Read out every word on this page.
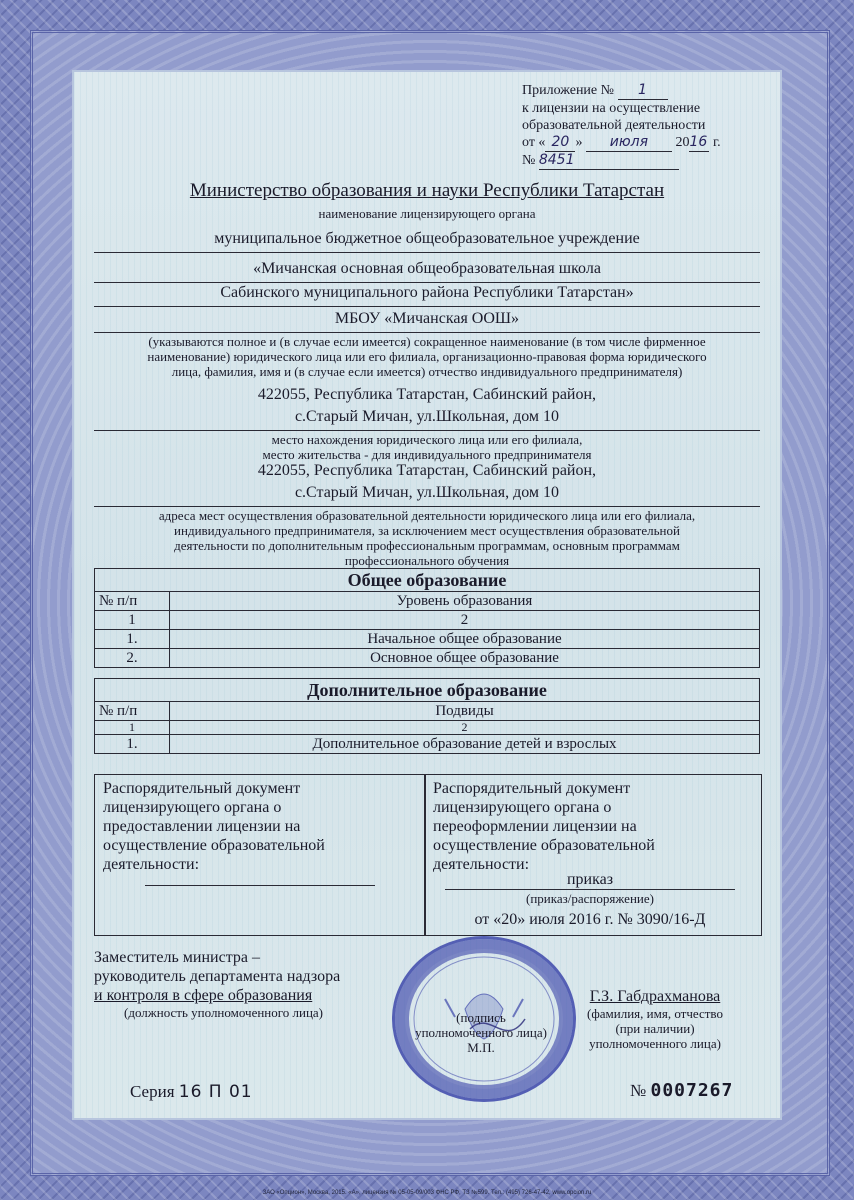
Приложение № 1
к лицензии на осуществление
образовательной деятельности
от « 20 » июля 2016 г.
№ 8451
Министерство образования и науки Республики Татарстан
наименование лицензирующего органа
муниципальное бюджетное общеобразовательное учреждение
«Мичанская основная общеобразовательная школа
Сабинского муниципального района Республики Татарстан»
МБОУ «Мичанская ООШ»
(указываются полное и (в случае если имеется) сокращенное наименование (в том числе фирменное
наименование) юридического лица или его филиала, организационно-правовая форма юридического
лица, фамилия, имя и (в случае если имеется) отчество индивидуального предпринимателя)
422055, Республика Татарстан, Сабинский район,
с.Старый Мичан, ул.Школьная, дом 10
место нахождения юридического лица или его филиала,
место жительства - для индивидуального предпринимателя
422055, Республика Татарстан, Сабинский район,
с.Старый Мичан, ул.Школьная, дом 10
адреса мест осуществления образовательной деятельности юридического лица или его филиала,
индивидуального предпринимателя, за исключением мест осуществления образовательной
деятельности по дополнительным профессиональным программам, основным программам
профессионального обучения
Общее образование	
№ п/п	Уровень образования
1	2
1.	Начальное общее образование
2.	Основное общее образование
Дополнительное образование	
№ п/п	Подвиды
1	2
1.	Дополнительное образование детей и взрослых
Распорядительный документ
лицензирующего органа о
предоставлении лицензии на
осуществление образовательной
деятельности:
Распорядительный документ
лицензирующего органа о
переоформлении лицензии на
осуществление образовательной
деятельности:
приказ
(приказ/распоряжение)
от «20» июля 2016 г. № 3090/16-Д
Заместитель министра –
руководитель департамента надзора
и контроля в сфере образования
(должность уполномоченного лица)	(подпись
уполномоченного лица)
М.П.
Г.З. Габдрахманова
(фамилия, имя, отчество
(при наличии)
уполномоченного лица)
Серия 16 П 01	№ 0007267
ЗАО «Опцион», Москва, 2015. «А», лицензия № 05-05-09/003 ФНС РФ, ТЗ №599. Тел.: (495) 726-47-42, www.opcion.ru
